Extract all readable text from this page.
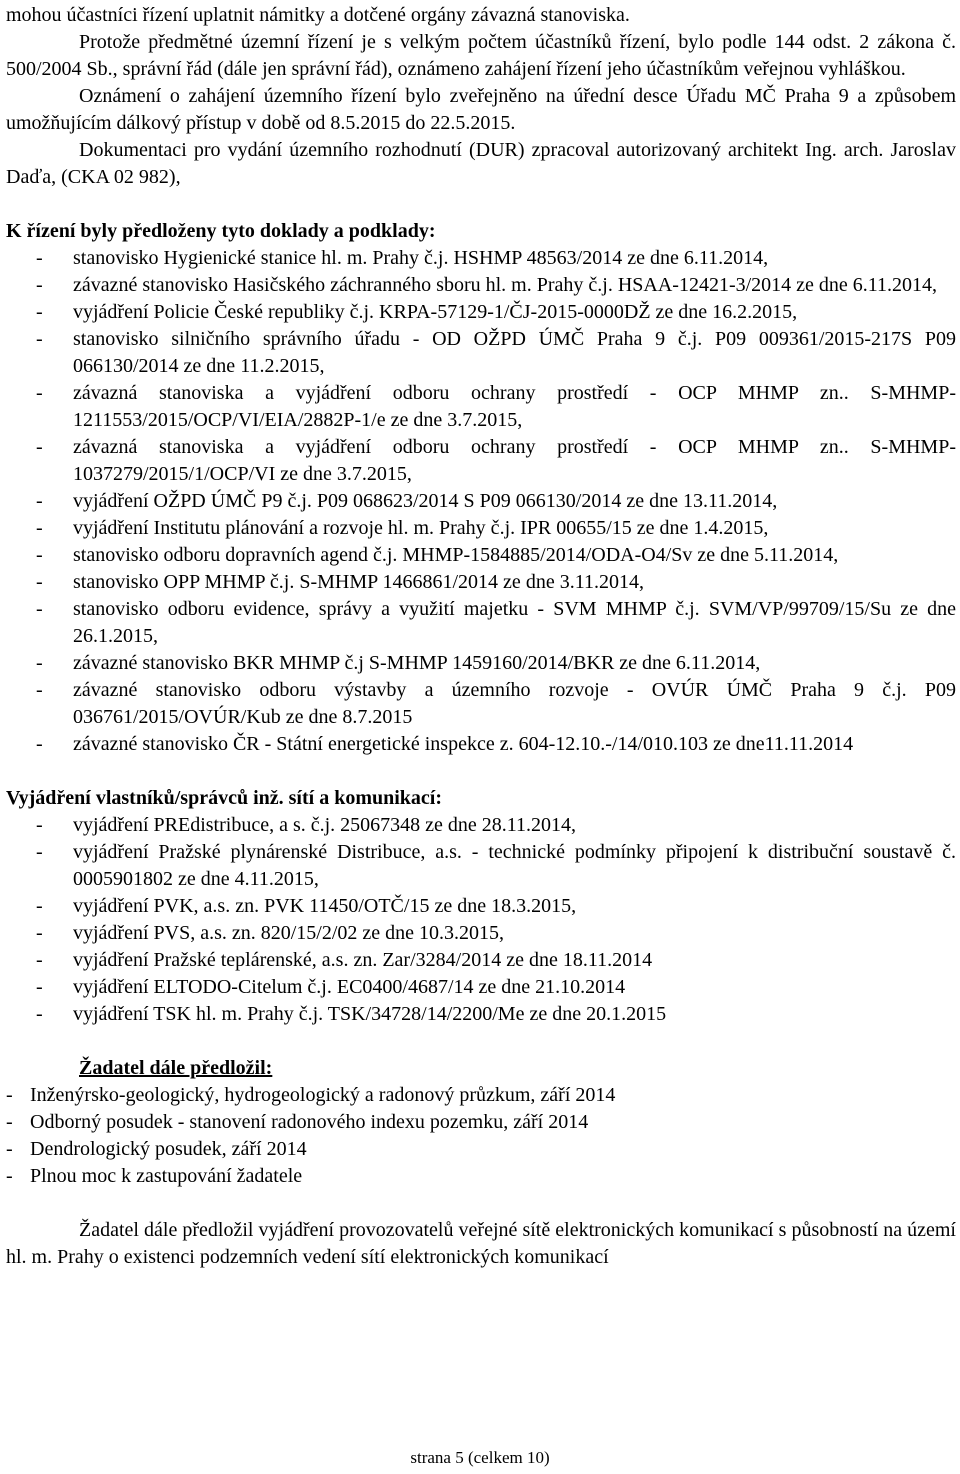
mohou účastníci řízení uplatnit námitky a dotčené orgány závazná stanoviska.

Protože předmětné územní řízení je s velkým počtem účastníků řízení, bylo podle 144 odst. 2 zákona č. 500/2004 Sb., správní řád (dále jen správní řád), oznámeno zahájení řízení jeho účastníkům veřejnou vyhláškou.

Oznámení o zahájení územního řízení bylo zveřejněno na úřední desce Úřadu MČ Praha 9 a způsobem umožňujícím dálkový přístup v době od 8.5.2015 do 22.5.2015.

Dokumentaci pro vydání územního rozhodnutí (DUR) zpracoval autorizovaný architekt Ing. arch. Jaroslav Daďa, (CKA 02 982),

K řízení byly předloženy tyto doklady a podklady:

- stanovisko Hygienické stanice hl. m. Prahy č.j. HSHMP 48563/2014 ze dne 6.11.2014,
- závazné stanovisko Hasičského záchranného sboru hl. m. Prahy č.j. HSAA-12421-3/2014 ze dne 6.11.2014,
- vyjádření Policie České republiky č.j. KRPA-57129-1/ČJ-2015-0000DŽ ze dne 16.2.2015,
- stanovisko silničního správního úřadu - OD OŽPD ÚMČ Praha 9 č.j. P09 009361/2015-217S P09 066130/2014 ze dne 11.2.2015,
- závazná stanoviska a vyjádření odboru ochrany prostředí - OCP MHMP zn.. S-MHMP-1211553/2015/OCP/VI/EIA/2882P-1/e ze dne 3.7.2015,
- závazná stanoviska a vyjádření odboru ochrany prostředí - OCP MHMP zn.. S-MHMP-1037279/2015/1/OCP/VI ze dne 3.7.2015,
- vyjádření OŽPD ÚMČ P9 č.j. P09 068623/2014 S P09 066130/2014 ze dne 13.11.2014,
- vyjádření Institutu plánování a rozvoje hl. m. Prahy č.j. IPR 00655/15 ze dne 1.4.2015,
- stanovisko odboru dopravních agend č.j. MHMP-1584885/2014/ODA-O4/Sv ze dne 5.11.2014,
- stanovisko OPP MHMP č.j. S-MHMP 1466861/2014 ze dne 3.11.2014,
- stanovisko odboru evidence, správy a využití majetku - SVM MHMP č.j. SVM/VP/99709/15/Su ze dne 26.1.2015,
- závazné stanovisko BKR MHMP č.j S-MHMP 1459160/2014/BKR ze dne 6.11.2014,
- závazné stanovisko odboru výstavby a územního rozvoje - OVÚR ÚMČ Praha 9 č.j. P09 036761/2015/OVÚR/Kub ze dne 8.7.2015
- závazné stanovisko ČR - Státní energetické inspekce z. 604-12.10.-/14/010.103 ze dne11.11.2014

Vyjádření vlastníků/správců inž. sítí a komunikací:

- vyjádření PREdistribuce, a s. č.j. 25067348 ze dne 28.11.2014,
- vyjádření Pražské plynárenské Distribuce, a.s. - technické podmínky připojení k distribuční soustavě č. 0005901802 ze dne 4.11.2015,
- vyjádření PVK, a.s. zn. PVK 11450/OTČ/15 ze dne 18.3.2015,
- vyjádření PVS, a.s. zn. 820/15/2/02 ze dne 10.3.2015,
- vyjádření Pražské teplárenské, a.s. zn. Zar/3284/2014 ze dne 18.11.2014
- vyjádření ELTODO-Citelum č.j. EC0400/4687/14 ze dne 21.10.2014
- vyjádření TSK hl. m. Prahy č.j. TSK/34728/14/2200/Me ze dne 20.1.2015

Žadatel dále předložil:

- Inženýrsko-geologický, hydrogeologický a radonový průzkum, září 2014
- Odborný posudek - stanovení radonového indexu pozemku, září 2014
- Dendrologický posudek, září 2014
- Plnou moc k zastupování žadatele

Žadatel dále předložil vyjádření provozovatelů veřejné sítě elektronických komunikací s působností na území hl. m. Prahy o existenci podzemních vedení sítí elektronických komunikací

strana 5 (celkem 10)
